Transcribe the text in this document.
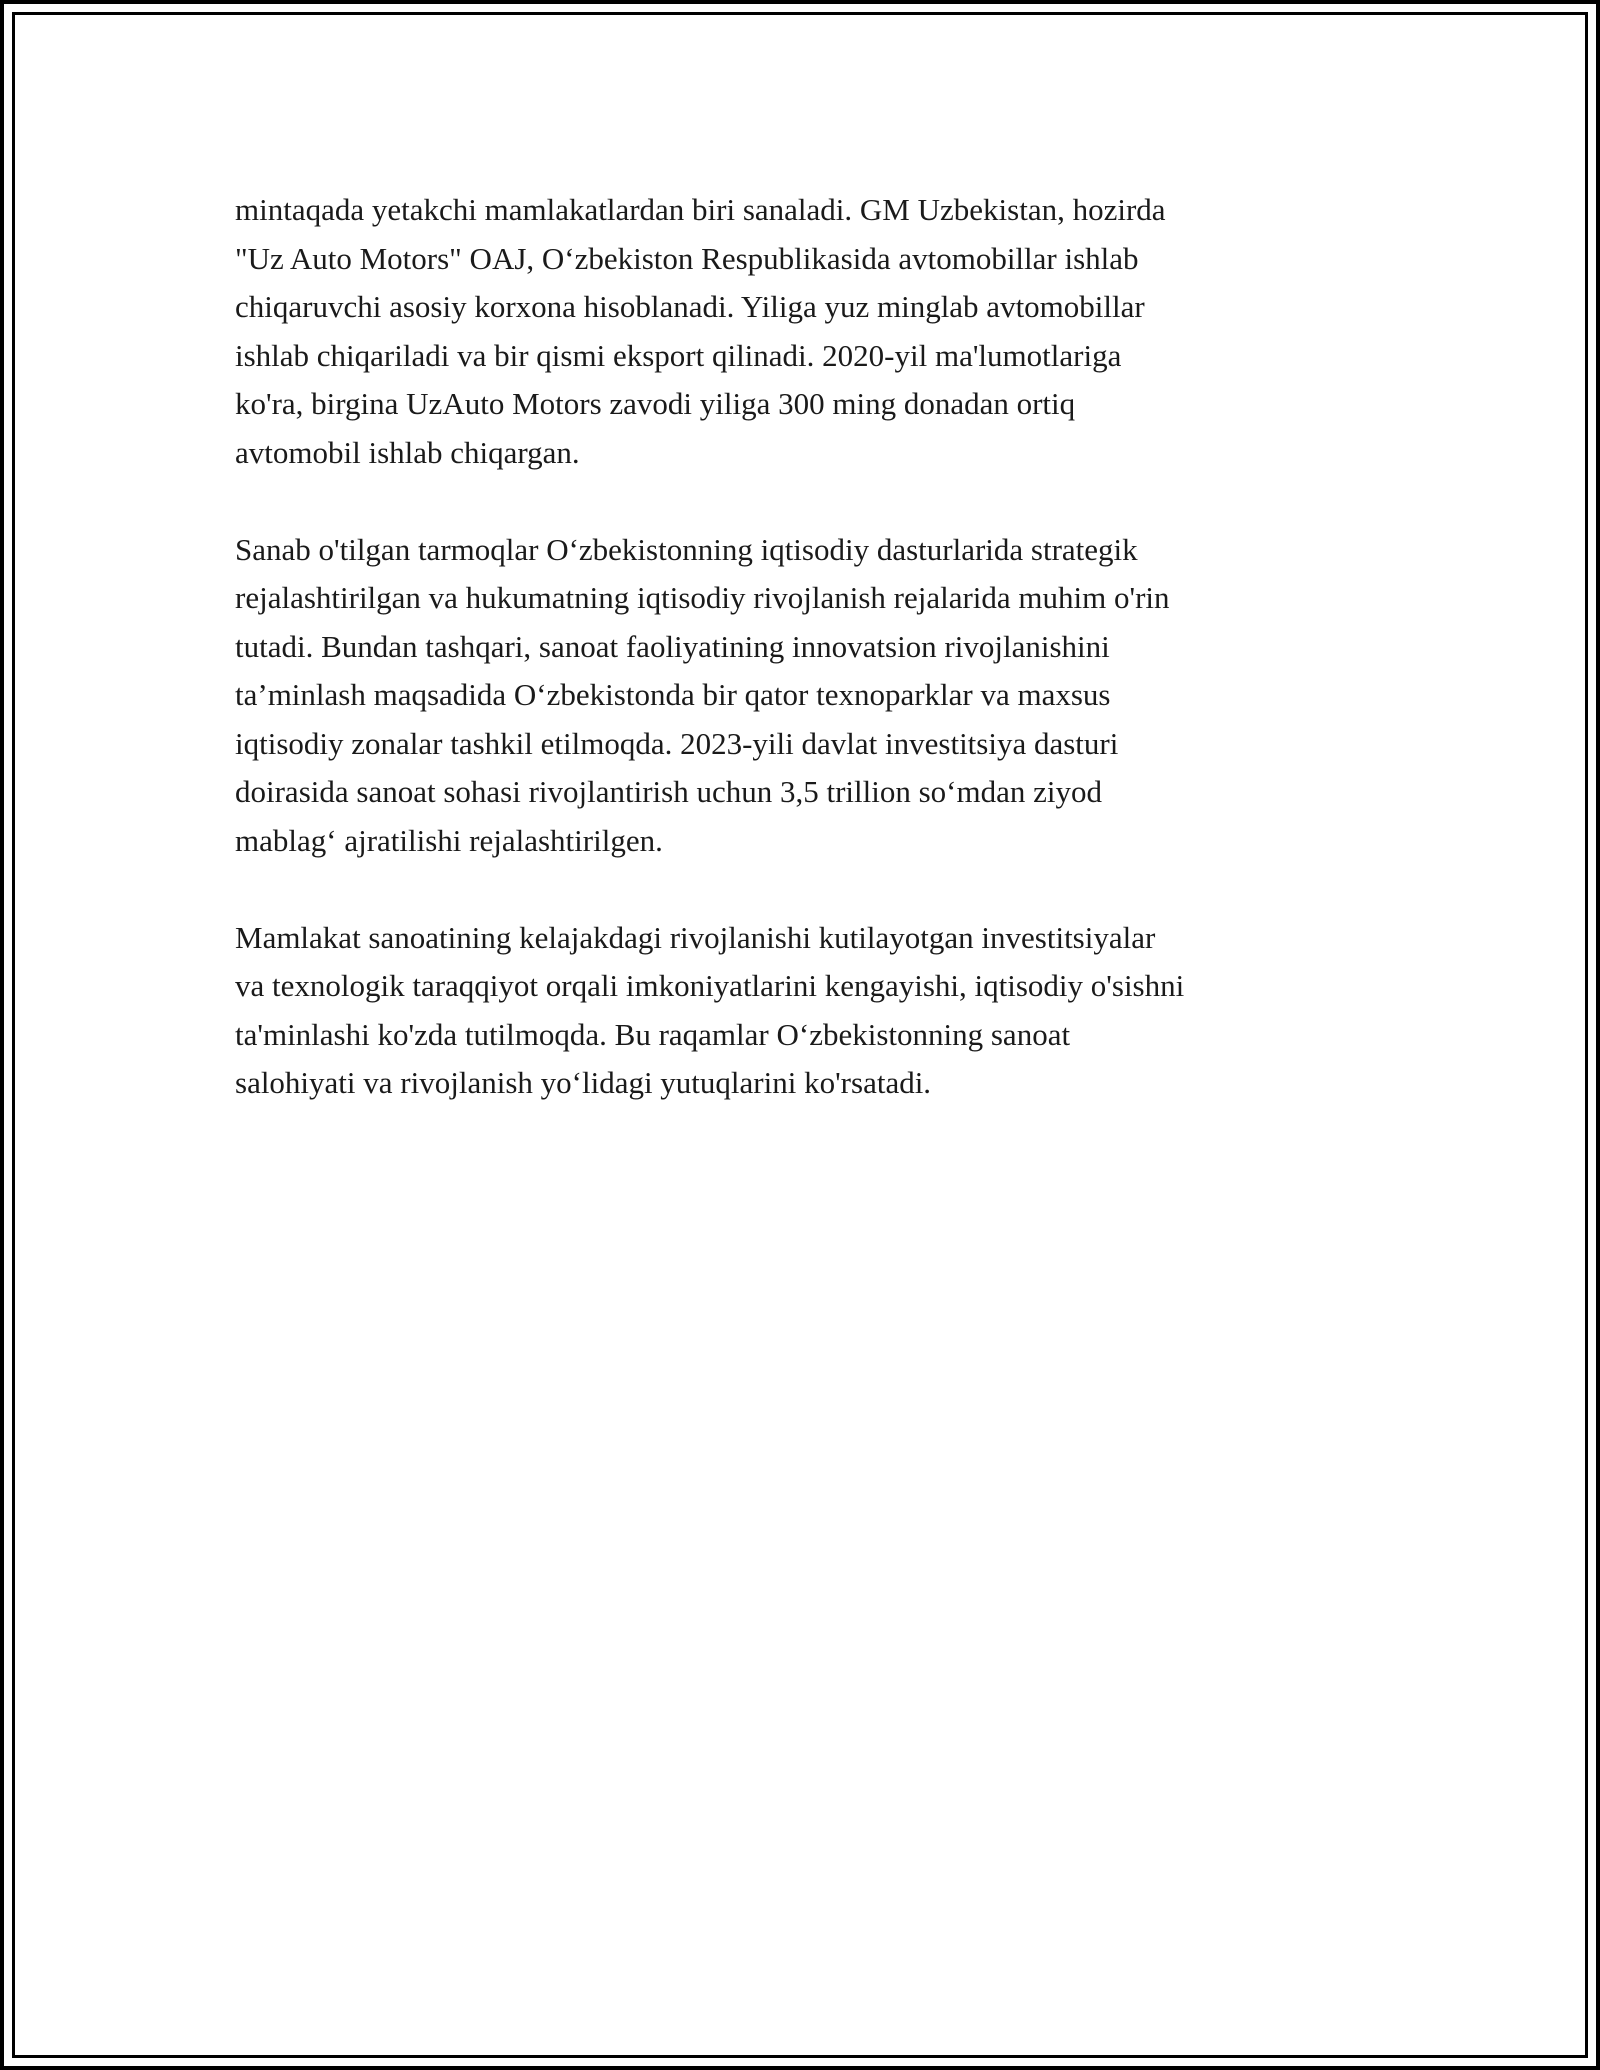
mintaqada yetakchi mamlakatlardan biri sanaladi. GM Uzbekistan, hozirda
"Uz Auto Motors" OAJ, O‘zbekiston Respublikasida avtomobillar ishlab
chiqaruvchi asosiy korxona hisoblanadi. Yiliga yuz minglab avtomobillar
ishlab chiqariladi va bir qismi eksport qilinadi. 2020-yil ma'lumotlariga
ko'ra, birgina UzAuto Motors zavodi yiliga 300 ming donadan ortiq
avtomobil ishlab chiqargan.

Sanab o'tilgan tarmoqlar O‘zbekistonning iqtisodiy dasturlarida strategik
rejalashtirilgan va hukumatning iqtisodiy rivojlanish rejalarida muhim o'rin
tutadi. Bundan tashqari, sanoat faoliyatining innovatsion rivojlanishini
ta’minlash maqsadida O‘zbekistonda bir qator texnoparklar va maxsus
iqtisodiy zonalar tashkil etilmoqda. 2023-yili davlat investitsiya dasturi
doirasida sanoat sohasi rivojlantirish uchun 3,5 trillion so‘mdan ziyod
mablag‘ ajratilishi rejalashtirilgen.

Mamlakat sanoatining kelajakdagi rivojlanishi kutilayotgan investitsiyalar
va texnologik taraqqiyot orqali imkoniyatlarini kengayishi, iqtisodiy o'sishni
ta'minlashi ko'zda tutilmoqda. Bu raqamlar O‘zbekistonning sanoat
salohiyati va rivojlanish yo‘lidagi yutuqlarini ko'rsatadi.
